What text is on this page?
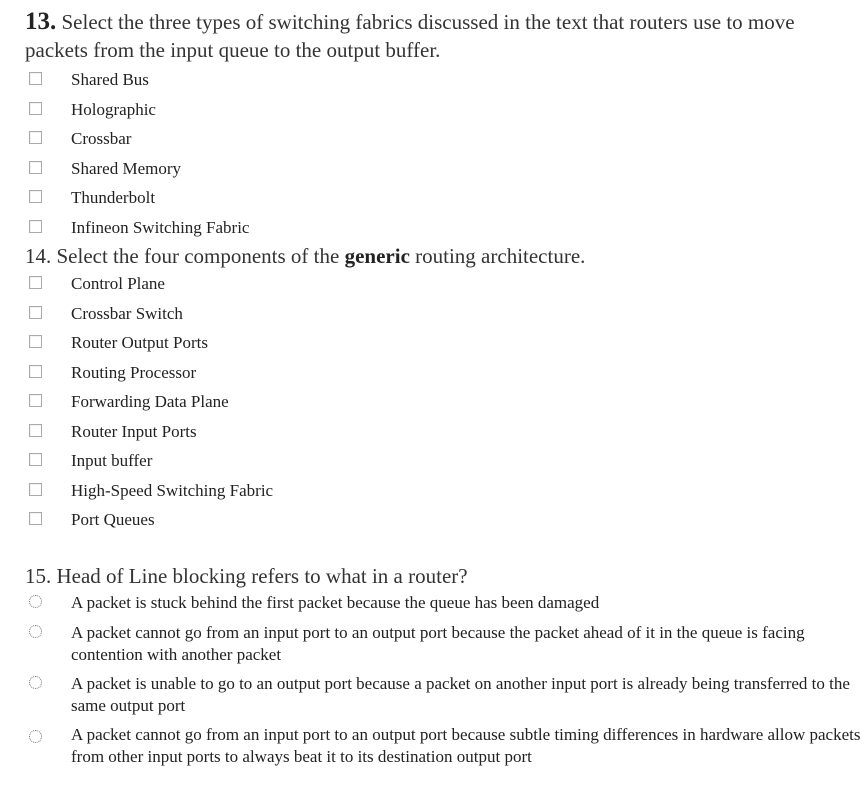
13. Select the three types of switching fabrics discussed in the text that routers use to move packets from the input queue to the output buffer.
Shared Bus
Holographic
Crossbar
Shared Memory
Thunderbolt
Infineon Switching Fabric
14. Select the four components of the generic routing architecture.
Control Plane
Crossbar Switch
Router Output Ports
Routing Processor
Forwarding Data Plane
Router Input Ports
Input buffer
High-Speed Switching Fabric
Port Queues
15. Head of Line blocking refers to what in a router?
A packet is stuck behind the first packet because the queue has been damaged
A packet cannot go from an input port to an output port because the packet ahead of it in the queue is facing contention with another packet
A packet is unable to go to an output port because a packet on another input port is already being transferred to the same output port
A packet cannot go from an input port to an output port because subtle timing differences in hardware allow packets from other input ports to always beat it to its destination output port
